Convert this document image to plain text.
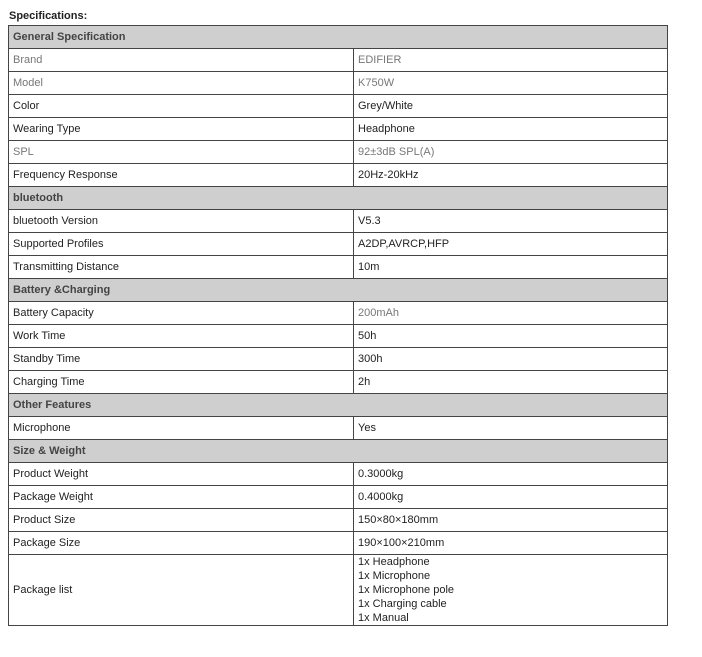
Specifications:
General Specification	
Brand	EDIFIER
Model	K750W
Color	Grey/White
Wearing Type	Headphone
SPL	92±3dB SPL(A)
Frequency Response	20Hz-20kHz
bluetooth	
bluetooth Version	V5.3
Supported Profiles	A2DP,AVRCP,HFP
Transmitting Distance	10m
Battery &Charging	
Battery Capacity	200mAh
Work Time	50h
Standby Time	300h
Charging Time	2h
Other Features	
Microphone	Yes
Size & Weight	
Product Weight	0.3000kg
Package Weight	0.4000kg
Product Size	150×80×180mm
Package Size	190×100×210mm
Package list	1x Headphone
1x Microphone
1x Microphone pole
1x Charging cable
1x Manual
